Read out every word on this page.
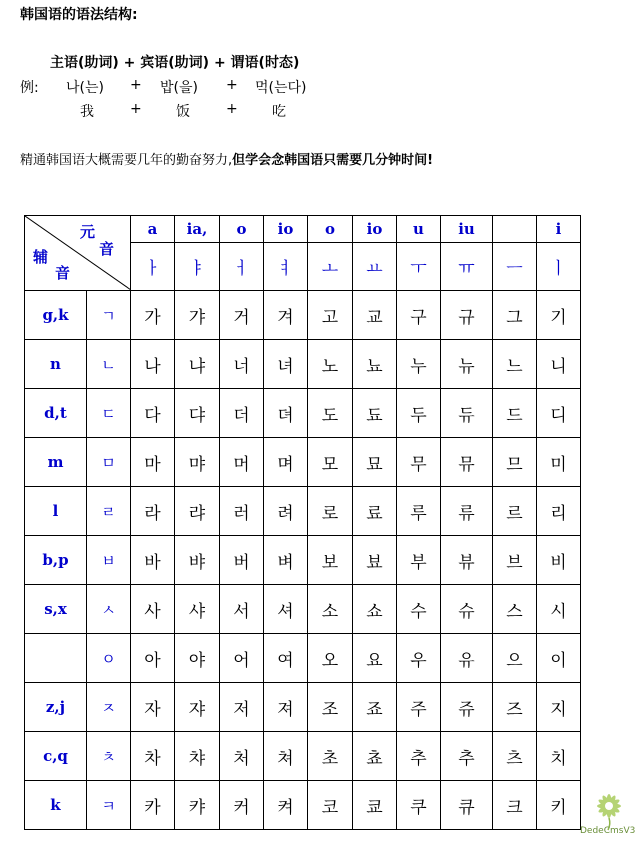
韩国语的语法结构:
主语(助词) + 宾语(助词) + 谓语(时态)
例: 나(는) + 밥(을) + 먹(는다)
我	+ 饭	+ 吃
精通韩国语大概需要几年的勤奋努力,但学会念韩国语只需要几分钟时间!
元
音
辅
音		a	ia,	o	io	o	io	u	iu		i
		ㅏ	ㅑ	ㅓ	ㅕ	ㅗ	ㅛ	ㅜ	ㅠ	ㅡ	ㅣ
g,k	ㄱ	가	갸	거	겨	고	교	구	규	그	기
n	ㄴ	나	냐	너	녀	노	뇨	누	뉴	느	니
d,t	ㄷ	다	댜	더	뎌	도	됴	두	듀	드	디
m	ㅁ	마	먀	머	며	모	묘	무	뮤	므	미
l	ㄹ	라	랴	러	려	로	료	루	류	르	리
b,p	ㅂ	바	뱌	버	벼	보	뵤	부	뷰	브	비
s,x	ㅅ	사	샤	서	셔	소	쇼	수	슈	스	시
	ㅇ	아	야	어	여	오	요	우	유	으	이
z,j	ㅈ	자	쟈	저	져	조	죠	주	쥬	즈	지
c,q	ㅊ	차	챠	처	쳐	초	쵸	추	추	츠	치
k	ㅋ	카	캬	커	켜	코	쿄	쿠	큐	크	키
DedeCmsV3
